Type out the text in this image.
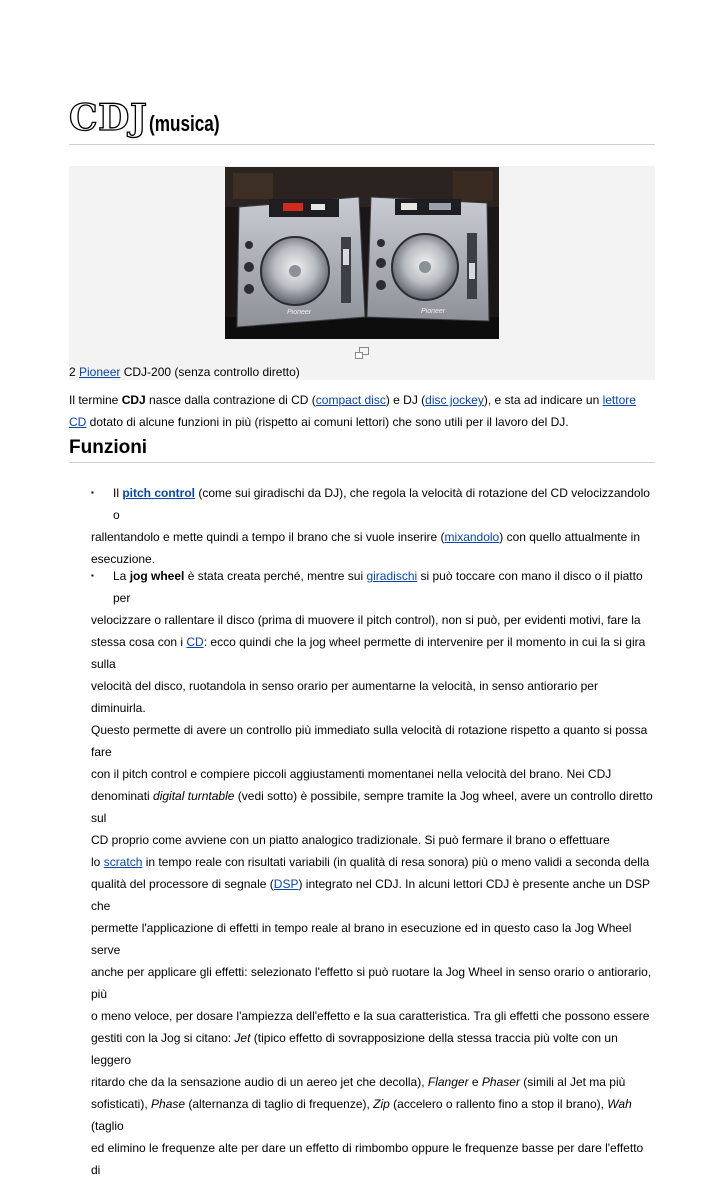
CDJ (musica)
Pioneer	Pioneer
2 Pioneer CDJ-200 (senza controllo diretto)
Il termine CDJ nasce dalla contrazione di CD (compact disc) e DJ (disc jockey), e sta ad indicare un lettore
CD dotato di alcune funzioni in più (rispetto ai comuni lettori) che sono utili per il lavoro del DJ.
Funzioni
▪	Il pitch control (come sui giradischi da DJ), che regola la velocità di rotazione del CD velocizzandolo o
rallentandolo e mette quindi a tempo il brano che si vuole inserire (mixandolo) con quello attualmente in
esecuzione.
▪	La jog wheel è stata creata perché, mentre sui giradischi si può toccare con mano il disco o il piatto per
velocizzare o rallentare il disco (prima di muovere il pitch control), non si può, per evidenti motivi, fare la
stessa cosa con i CD: ecco quindi che la jog wheel permette di intervenire per il momento in cui la si gira sulla
velocità del disco, ruotandola in senso orario per aumentarne la velocità, in senso antiorario per diminuirla.
Questo permette di avere un controllo più immediato sulla velocità di rotazione rispetto a quanto si possa fare
con il pitch control e compiere piccoli aggiustamenti momentanei nella velocità del brano. Nei CDJ
denominati digital turntable (vedi sotto) è possibile, sempre tramite la Jog wheel, avere un controllo diretto sul
CD proprio come avviene con un piatto analogico tradizionale. Si può fermare il brano o effettuare
lo scratch in tempo reale con risultati variabili (in qualità di resa sonora) più o meno validi a seconda della
qualità del processore di segnale (DSP) integrato nel CDJ. In alcuni lettori CDJ è presente anche un DSP che
permette l'applicazione di effetti in tempo reale al brano in esecuzione ed in questo caso la Jog Wheel serve
anche per applicare gli effetti: selezionato l'effetto si può ruotare la Jog Wheel in senso orario o antiorario, più
o meno veloce, per dosare l'ampiezza dell'effetto e la sua caratteristica. Tra gli effetti che possono essere
gestiti con la Jog si citano: Jet (tipico effetto di sovrapposizione della stessa traccia più volte con un leggero
ritardo che da la sensazione audio di un aereo jet che decolla), Flanger e Phaser (simili al Jet ma più
sofisticati), Phase (alternanza di taglio di frequenze), Zip (accelero o rallento fino a stop il brano), Wah (taglio
ed elimino le frequenze alte per dare un effetto di rimbombo oppure le frequenze basse per dare l'effetto di
